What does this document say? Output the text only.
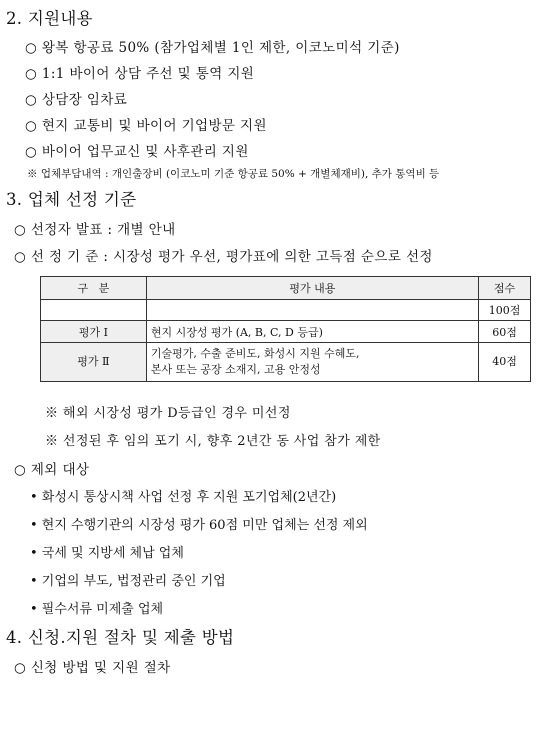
2. 지원내용
○ 왕복 항공료 50% (참가업체별 1인 제한, 이코노미석 기준)
○ 1:1 바이어 상담 주선 및 통역 지원
○ 상담장 임차료
○ 현지 교통비 및 바이어 기업방문 지원
○ 바이어 업무교신 및 사후관리 지원
※ 업체부담내역 : 개인출장비 (이코노미 기준 항공료 50% + 개별체재비), 추가 통역비 등
3. 업체 선정 기준
○ 선정자 발표 : 개별 안내
○ 선 정 기 준 : 시장성 평가 우선, 평가표에 의한 고득점 순으로 선정
구   분	평가 내용	점수
		100점
평가 Ⅰ	현지 시장성 평가 (A, B, C, D 등급)	60점
평가 Ⅱ	기술평가, 수출 준비도, 화성시 지원 수혜도,
본사 또는 공장 소재지, 고용 안정성	40점
※ 해외 시장성 평가 D등급인 경우 미선정
※ 선정된 후 임의 포기 시, 향후 2년간 동 사업 참가 제한
○ 제외 대상
• 화성시 통상시책 사업 선정 후 지원 포기업체(2년간)
• 현지 수행기관의 시장성 평가 60점 미만 업체는 선정 제외
• 국세 및 지방세 체납 업체
• 기업의 부도, 법정관리 중인 기업
• 필수서류 미제출 업체
4. 신청.지원 절차 및 제출 방법
○ 신청 방법 및 지원 절차
